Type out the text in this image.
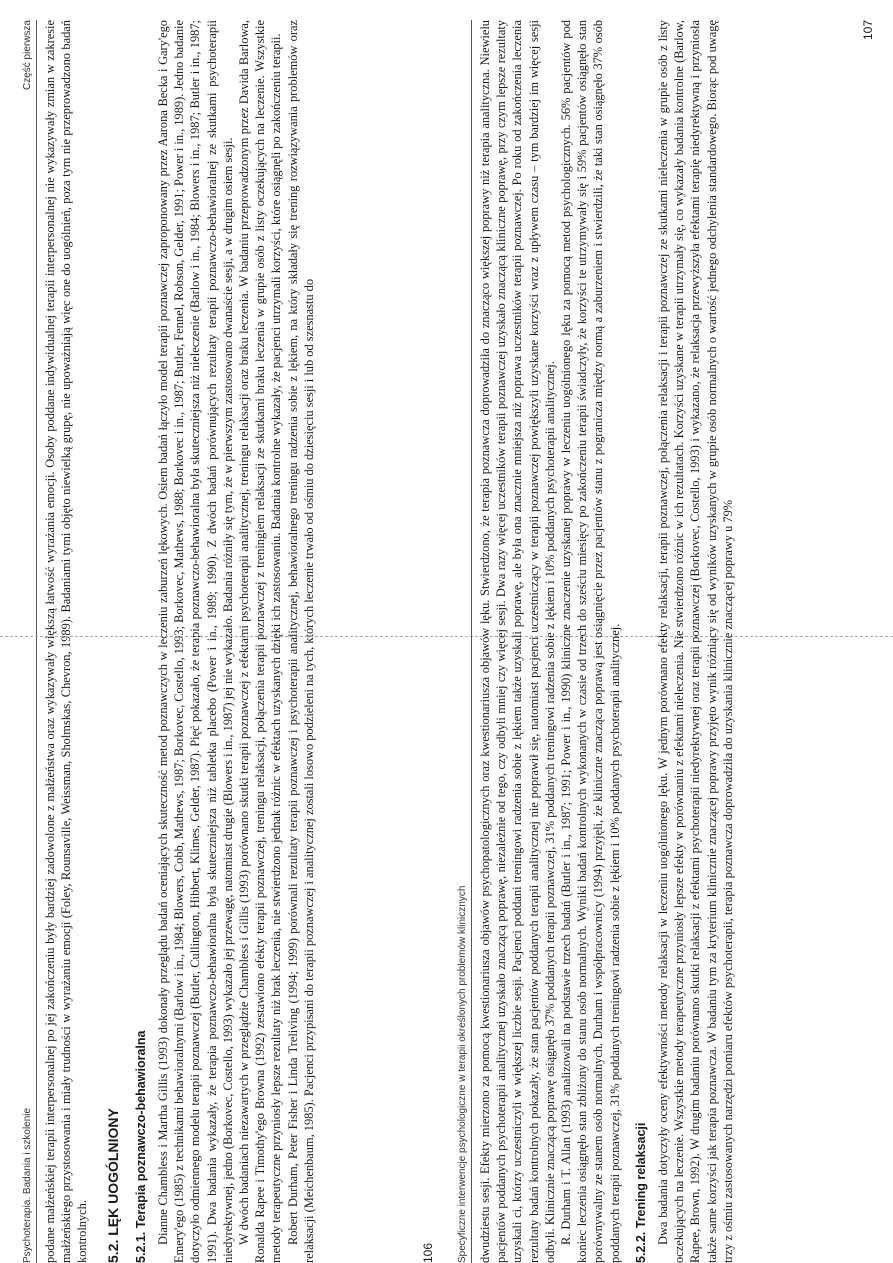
Psychoterapia. Badania i szkolenie
Część pierwsza podane małżeńskiej terapii interpersonalnej po jej zakończeniu były bardziej zadowolone z małżeństwa oraz wykazywały większą łatwość wyrażania emocji. Osoby poddane indywidualnej terapii interpersonalnej nie wykazywały zmian w zakresie małżeńskiego przystosowania i miały trudności w wyrażaniu emocji (Foley, Rounsaville, Weissman, Sholmskas, Chevron, 1989). Badaniami tymi objęto niewielką grupę, nie upoważniają więc one do uogólnień, poza tym nie przeprowadzono badań kontrolnych. 5.2. LĘK UOGÓLNIONY 5.2.1. Terapia poznawczo-behawioralna Dianne Chambless i Martha Gillis (1993) dokonały przeglądu badań oceniających skuteczność metod poznawczych w leczeniu zaburzeń lękowych. Osiem badań łączyło model terapii poznawczej zaproponowany przez Aarona Becka i Gary'ego Emery'ego (1985) z technikami behawioralnymi (Barlow i in., 1984; Blowers, Cobb, Mathews, 1987; Borkovec, Costello, 1993; Borkovec, Mathews, 1988; Borkovec i in., 1987; Butler, Fennel, Robson, Gelder, 1991; Power i in., 1989). Jedno badanie dotyczyło odmiennego modelu terapii poznawczej (Butler, Cullington, Hibbert, Klimes, Gelder, 1987). Pięć pokazało, że terapia poznawczo-behawioralna była skuteczniejsza niż nieleczenie (Barlow i in., 1984; Blowers i in., 1987; Butler i in., 1987; 1991). Dwa badania wykazały, że terapia poznawczo-behawioralna była skuteczniejsza niż tabletka placebo (Power i in., 1989; 1990). Z dwóch badań porównujących rezultaty terapii poznawczo-behawioralnej ze skutkami psychoterapii niedyrektywnej, jedno (Borkovec, Costello, 1993) wykazało jej przewagę, natomiast drugie (Blowers i in., 1987) jej nie wykazało. Badania różniły się tym, że w pierwszym zastosowano dwanaście sesji, a w drugim osiem sesji. W dwóch badaniach niezawartych w przeglądzie Chambless i Gillis (1993) porównano skutki terapii poznawczej z efektami psychoterapii analitycznej, treningu relaksacji oraz braku leczenia. W badaniu przeprowadzonym przez Davida Barlowa, Ronalda Rapee i Timothy'ego Browna (1992) zestawiono efekty terapii poznawczej, treningu relaksacji, połączenia terapii poznawczej z treningiem relaksacji ze skutkami braku leczenia w grupie osób z listy oczekujących na leczenie. Wszystkie metody terapeutyczne przyniosły lepsze rezultaty niż brak leczenia, nie stwierdzono jednak różnic w efektach uzyskanych dzięki ich zastosowaniu. Badania kontrolne wykazały, że pacjenci utrzymali korzyści, które osiągnęli po zakończeniu terapii. Robert Durham, Peter Fisher i Linda Treliving (1994; 1999) porównali rezultaty terapii poznawczej i psychoterapii analitycznej, behawioralnego treningu radzenia sobie z lękiem, na który składały się trening rozwiązywania problemów oraz relaksacji (Meichenbaum, 1985). Pacjenci przypisani do terapii poznawczej i analitycznej zostali losowo podzieleni na tych, których leczenie trwało od ośmiu do dziesięciu sesji i lub od szesnastu do	106 Specyficzne interwencje psychologiczne w terapii określonych problemów klinicznych dwudziestu sesji. Efekty mierzono za pomocą kwestionariusza objawów psychopatologicznych oraz kwestionariusza objawów lęku. Stwierdzono, że terapia poznawcza doprowadziła do znacząco większej poprawy niż terapia analityczna. Niewielu pacjentów poddanych psychoterapii analitycznej uzyskało znaczącą poprawę, niezależnie od tego, czy odbyli mniej czy więcej sesji. Dwa razy więcej uczestników terapii poznawczej uzyskało znaczącą kliniczne poprawę, przy czym lepsze rezultaty uzyskali ci, którzy uczestniczyli w większej liczbie sesji. Pacjenci poddani treningowi radzenia sobie z lękiem także uzyskali poprawę, ale była ona znacznie mniejsza niż poprawa uczestników terapii poznawczej. Po roku od zakończenia leczenia rezultaty badań kontrolnych pokazały, że stan pacjentów poddanych terapii analitycznej nie poprawił się, natomiast pacjenci uczestniczący w terapii poznawczej powiększyli uzyskane korzyści wraz z upływem czasu – tym bardziej im więcej sesji odbyli. Klinicznie znaczącą poprawę osiągnęło 37% poddanych terapii poznawczej, 31% poddanych treningowi radzenia sobie z lękiem i 10% poddanych psychoterapii analitycznej. R. Durham i T. Allan (1993) analizowali na podstawie trzech badań (Butler i in., 1987; 1991; Power i in., 1990) kliniczne znaczenie uzyskanej poprawy w leczeniu uogólnionego lęku za pomocą metod psychologicznych. 56% pacjentów pod koniec leczenia osiągnęło stan zbliżony do stanu osób normalnych. Wyniki badań kontrolnych wykonanych w czasie od trzech do sześciu miesięcy po zakończeniu terapii świadczyły, że korzyści te utrzymywały się i 59% pacjentów osiągnęło stan porównywalny ze stanem osób normalnych. Durham i współpracownicy (1994) przyjęli, że kliniczne znacząca poprawą jest osiągnięcie przez pacjentów stanu z pogranicza między normą a zaburzeniem i stwierdzili, że taki stan osiągnęło 37% osób poddanych terapii poznawczej, 31% poddanych treningowi radzenia sobie z lękiem i 10% poddanych psychoterapii analitycznej. 5.2.2. Trening relaksacji Dwa badania dotyczyły oceny efektywności metody relaksacji w leczeniu uogólnionego lęku. W jednym porównano efekty relaksacji, terapii poznawczej, połączenia relaksacji i terapii poznawczej ze skutkami nieleczenia w grupie osób z listy oczekujących na leczenie. Wszystkie metody terapeutyczne przyniosły lepsze efekty w porównaniu z efektami nieleczenia. Nie stwierdzono różnic w ich rezultatach. Korzyści uzyskane w terapii utrzymały się, co wykazały badania kontrolne (Barlow, Rapee, Brown, 1992). W drugim badaniu porównano skutki relaksacji z efektami psychoterapii niedyrektywnej oraz terapii poznawczej (Borkovec, Costello, 1993) i wykazano, że relaksacja przewyższyła efektami terapię niedyrektywną i przyniosła także same korzyści jak terapia poznawcza. W badaniu tym za kryterium klinicznie znaczącej poprawy przyjęto wynik różniący się od wyników uzyskanych w grupie osób normalnych o wartość jednego odchylenia standardowego. Biorąc pod uwagę trzy z ośmiu zastosowanych narzędzi pomiaru efektów psychoterapii, terapia poznawcza doprowadziła do uzyskania klinicznie znaczącej poprawy u 79%

107
